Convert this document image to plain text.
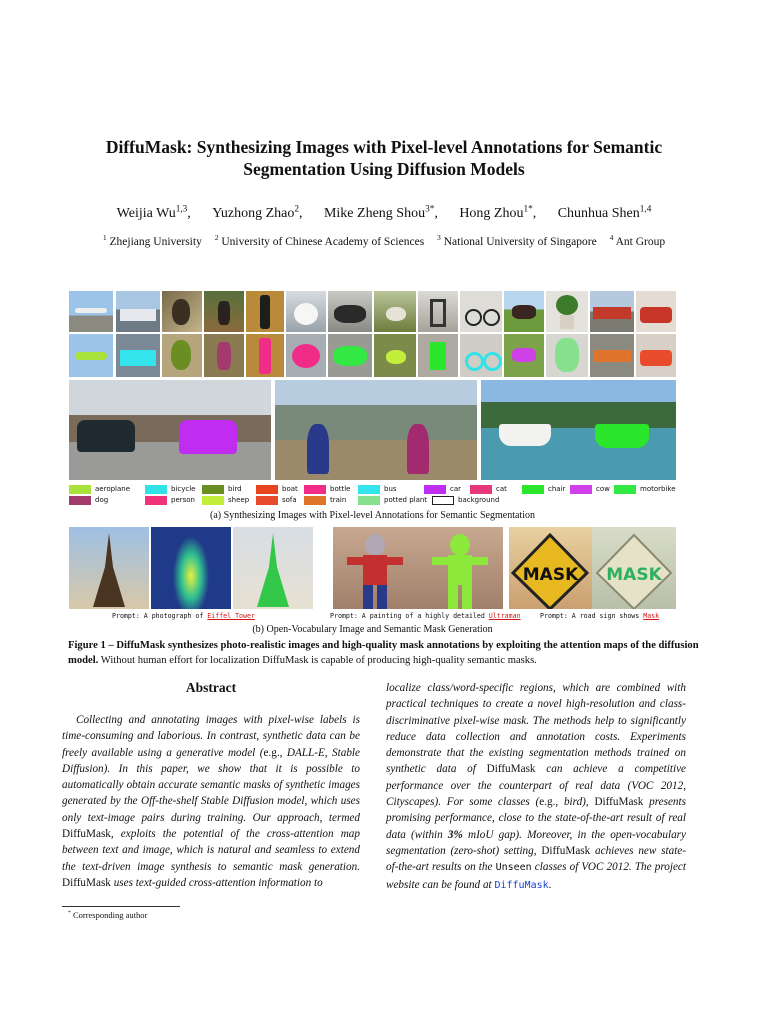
DiffuMask: Synthesizing Images with Pixel-level Annotations for Semantic
Segmentation Using Diffusion Models
Weijia Wu$^{1,3}$, Yuzhong Zhao$^2$, Mike Zheng Shou$^{3*}$, Hong Zhou$^{1*}$, Chunhua Shen$^{1,4}$
$^1$ Zhejiang University $^2$ University of Chinese Academy of Sciences $^3$ National University of Singapore $^4$ Ant Group
aeroplane	bicycle	bird	boat	bottle	bus	car	cat	chair	cow	motorbike
dog	person	sheep	sofa	train	potted plant	background
(a) Synthesizing Images with Pixel-level Annotations for Semantic Segmentation
MASK	MASK
Prompt: A photograph of Eiffel Tower	Prompt: A painting of a highly detailed Ultraman	Prompt: A road sign shows Mask
(b) Open-Vocabulary Image and Semantic Mask Generation
Figure 1 – DiffuMask synthesizes photo-realistic images and high-quality mask annotations by exploiting the attention maps of the diffusion model. Without human effort for localization DiffuMask is capable of producing high-quality semantic masks.
Abstract
Collecting and annotating images with pixel-wise labels is time-consuming and laborious. In contrast, synthetic data can be freely available using a generative model (e.g., DALL-E, Stable Diffusion). In this paper, we show that it is possible to automatically obtain accurate semantic masks of synthetic images generated by the Off-the-shelf Stable Diffusion model, which uses only text-image pairs during training. Our approach, termed DiffuMask, exploits the potential of the cross-attention map between text and image, which is natural and seamless to extend the text-driven image synthesis to semantic mask generation. DiffuMask uses text-guided cross-attention information to
localize class/word-specific regions, which are combined with practical techniques to create a novel high-resolution and class-discriminative pixel-wise mask. The methods help to significantly reduce data collection and annotation costs. Experiments demonstrate that the existing segmentation methods trained on synthetic data of DiffuMask can achieve a competitive performance over the counterpart of real data (VOC 2012, Cityscapes). For some classes (e.g., bird), DiffuMask presents promising performance, close to the state-of-the-art result of real data (within 3% mIoU gap). Moreover, in the open-vocabulary segmentation (zero-shot) setting, DiffuMask achieves new state-of-the-art results on the Unseen classes of VOC 2012. The project website can be found at DiffuMask.
* Corresponding author
